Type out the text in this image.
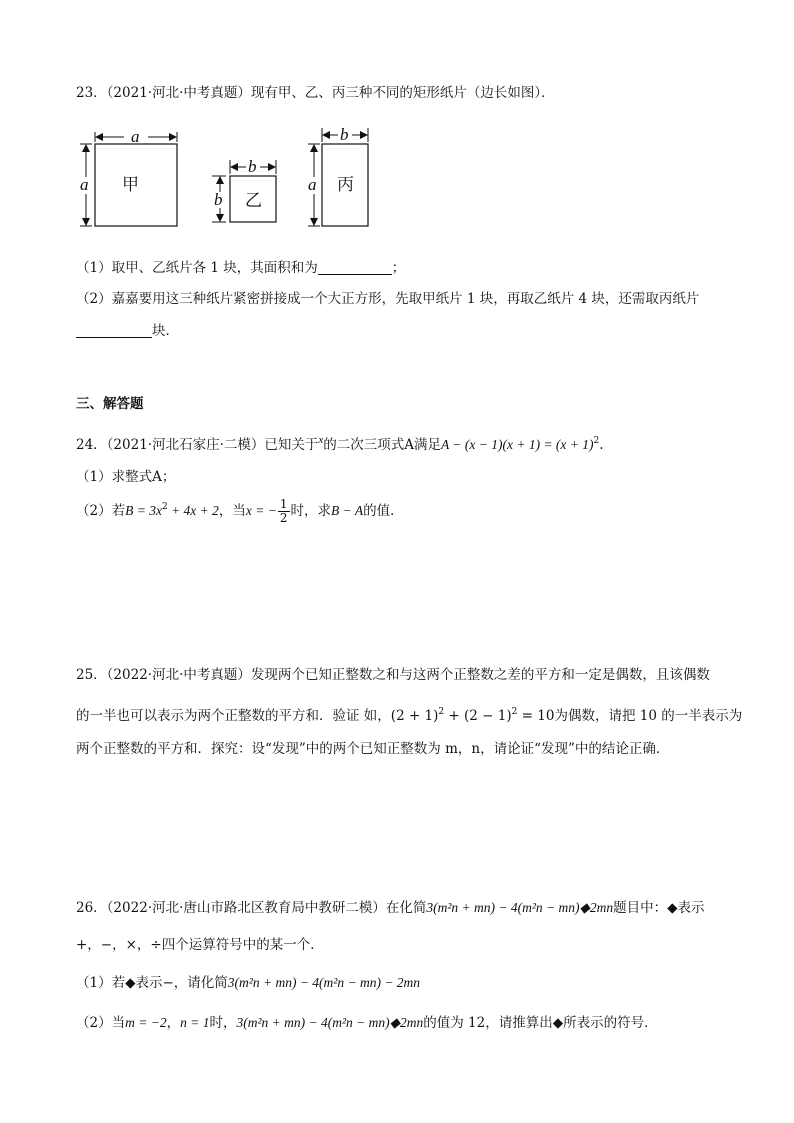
23．（2021·河北·中考真题）现有甲、乙、丙三种不同的矩形纸片（边长如图）．
a
a 甲
b
b 乙
b
a 丙
（1）取甲、乙纸片各 1 块，其面积和为	；
（2）嘉嘉要用这三种纸片紧密拼接成一个大正方形，先取甲纸片 1 块，再取乙纸片 4 块，还需取丙纸片
块．
三、解答题
24．（2021·河北石家庄·二模）已知关于$^x$的二次三项式A满足$A - (x - 1)(x + 1) = (x + 1)^2$.
（1）求整式A；
（2）若$B = 3x^2 + 4x + 2$，当x = − $\frac{1}{2}$ 时，求B − A的值．
25．（2022·河北·中考真题）发现两个已知正整数之和与这两个正整数之差的平方和一定是偶数，且该偶数
的一半也可以表示为两个正整数的平方和．验证 如，$(2 + 1)^2 + (2 - 1)^2 = 10$为偶数，请把 10 的一半表示为
两个正整数的平方和．探究：设“发现”中的两个已知正整数为 m，n，请论证“发现”中的结论正确．
26．（2022·河北·唐山市路北区教育局中教研二模）在化简3(m²n + mn) − 4(m²n − mn)◆2mn题目中：◆表示
+，−，×，÷四个运算符号中的某一个．
（1）若◆表示−，请化简3(m²n + mn) − 4(m²n − mn) − 2mn
（2）当m = −2，n = 1时，3(m²n + mn) − 4(m²n − mn)◆2mn的值为 12，请推算出◆所表示的符号．
